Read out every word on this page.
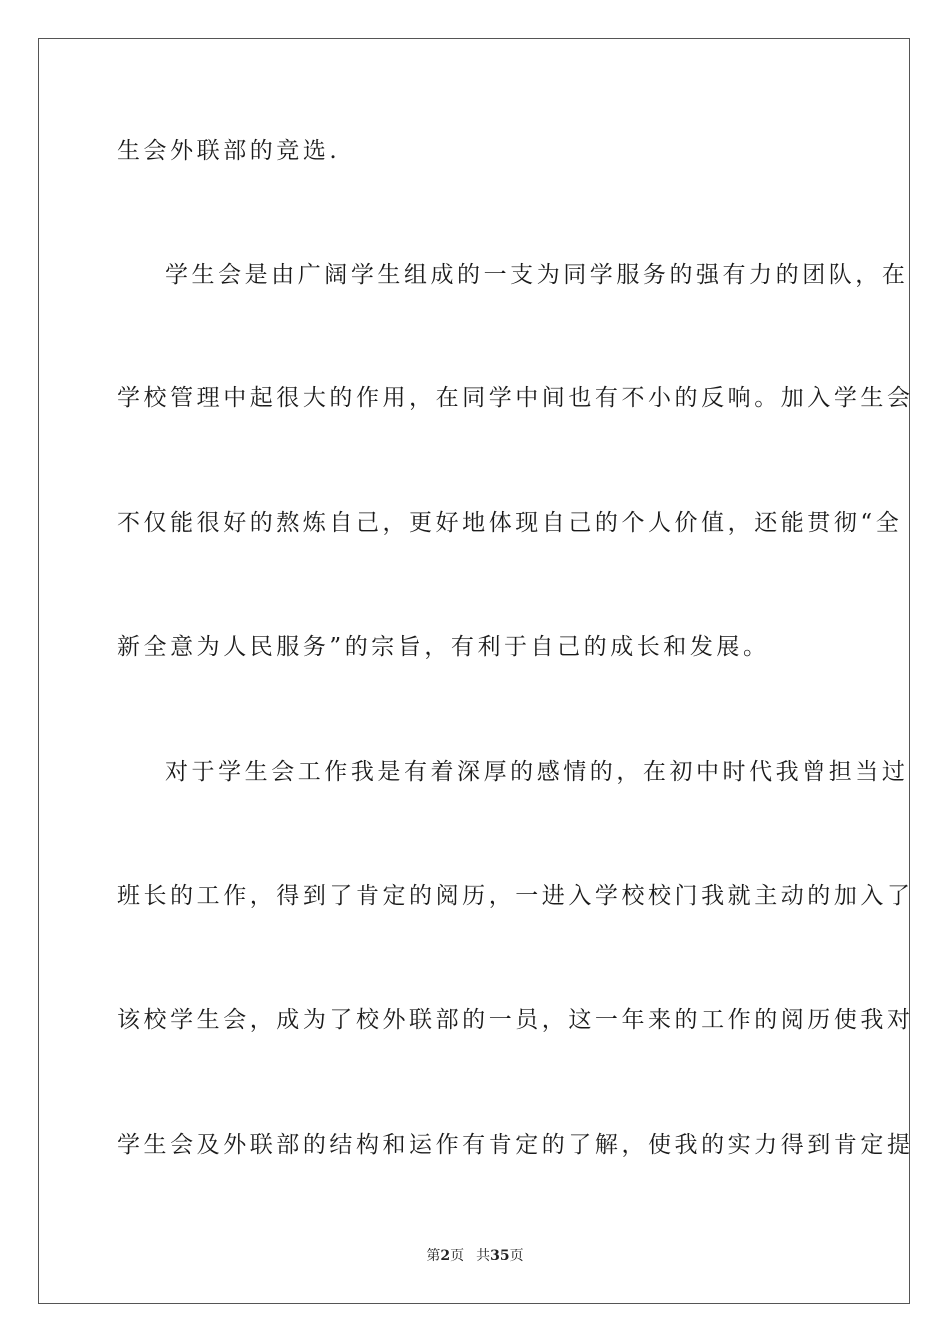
生会外联部的竞选.
学生会是由广阔学生组成的一支为同学服务的强有力的团队，在
学校管理中起很大的作用，在同学中间也有不小的反响。加入学生会
不仅能很好的熬炼自己，更好地体现自己的个人价值，还能贯彻“全
新全意为人民服务”的宗旨，有利于自己的成长和发展。
对于学生会工作我是有着深厚的感情的，在初中时代我曾担当过
班长的工作，得到了肯定的阅历，一进入学校校门我就主动的加入了
该校学生会，成为了校外联部的一员，这一年来的工作的阅历使我对
学生会及外联部的结构和运作有肯定的了解，使我的实力得到肯定提
第2页 共35页
